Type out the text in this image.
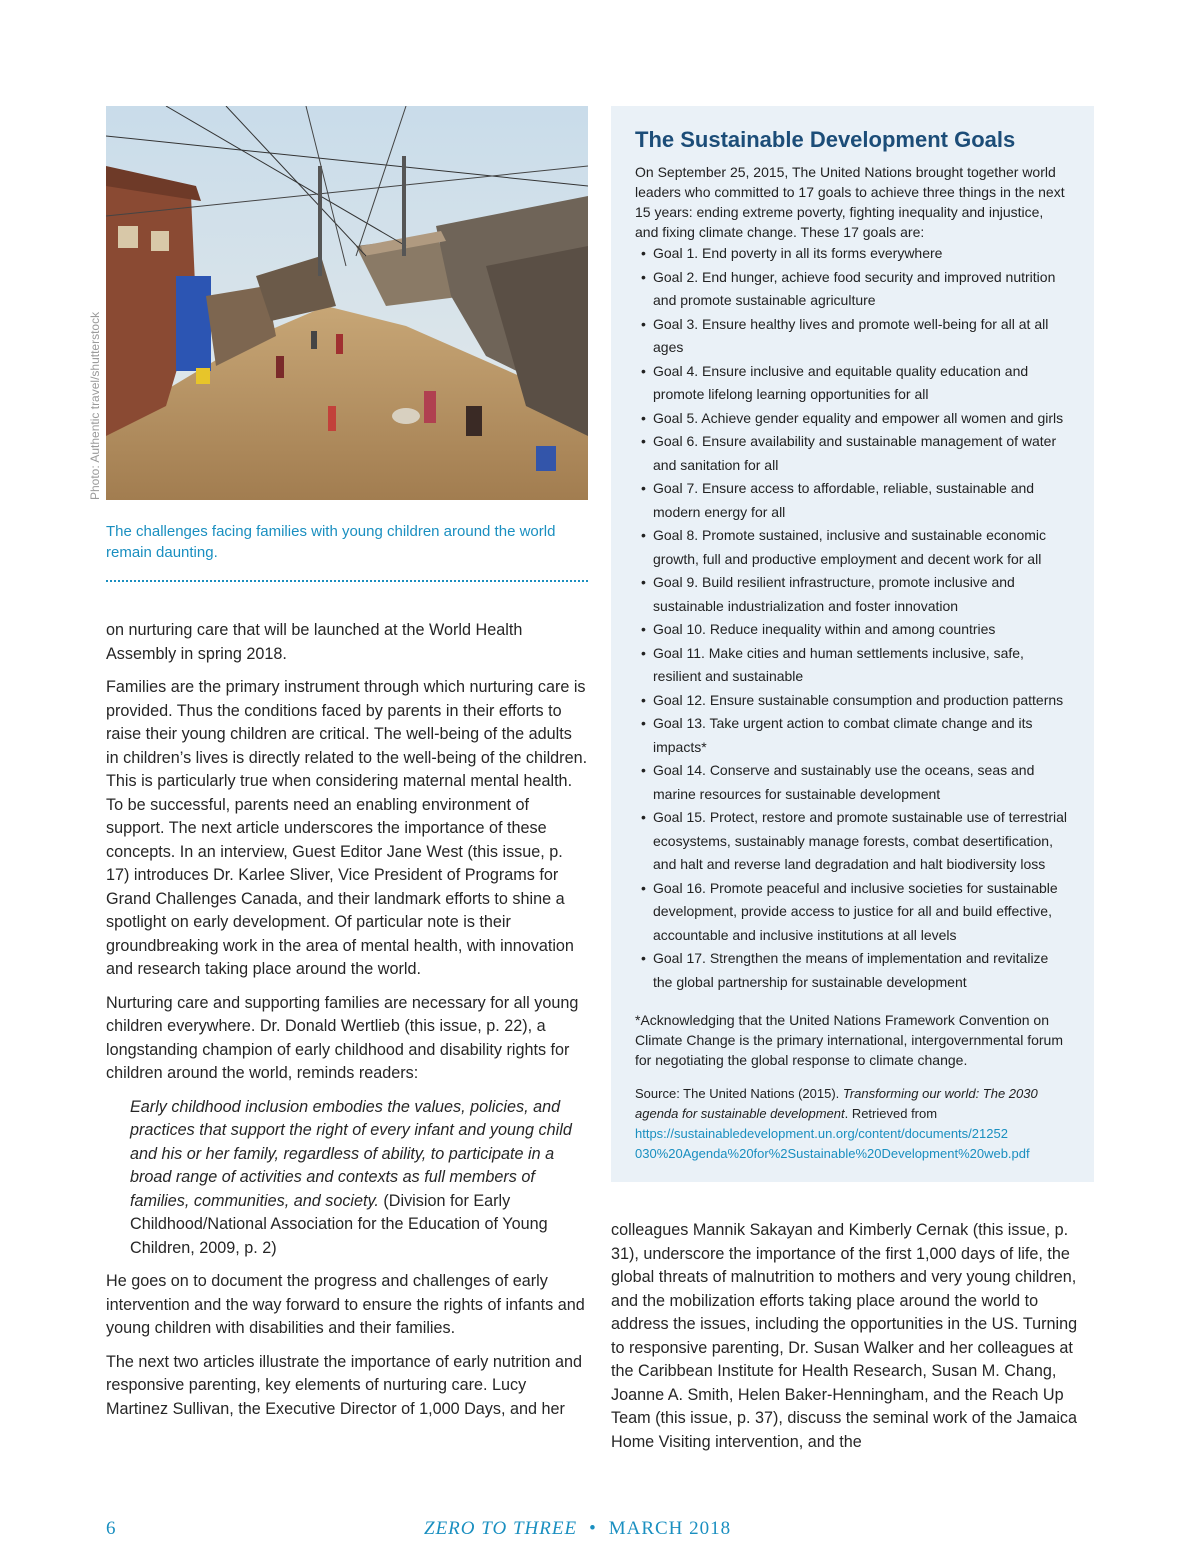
Photo: Authentic travel/shutterstock
The challenges facing families with young children around the world remain daunting.

on nurturing care that will be launched at the World Health Assembly in spring 2018.

Families are the primary instrument through which nurturing care is provided. Thus the conditions faced by parents in their efforts to raise their young children are critical. The well-being of the adults in children’s lives is directly related to the well-being of the children. This is particularly true when considering maternal mental health. To be successful, parents need an enabling environment of support. The next article underscores the importance of these concepts. In an interview, Guest Editor Jane West (this issue, p. 17) introduces Dr. Karlee Sliver, Vice President of Programs for Grand Challenges Canada, and their landmark efforts to shine a spotlight on early development. Of particular note is their groundbreaking work in the area of mental health, with innovation and research taking place around the world.

Nurturing care and supporting families are necessary for all young children everywhere. Dr. Donald Wertlieb (this issue, p. 22), a longstanding champion of early childhood and disability rights for children around the world, reminds readers:

Early childhood inclusion embodies the values, policies, and practices that support the right of every infant and young child and his or her family, regardless of ability, to participate in a broad range of activities and contexts as full members of families, communities, and society. (Division for Early Childhood/National Association for the Education of Young Children, 2009, p. 2)

He goes on to document the progress and challenges of early intervention and the way forward to ensure the rights of infants and young children with disabilities and their families.

The next two articles illustrate the importance of early nutrition and responsive parenting, key elements of nurturing care. Lucy Martinez Sullivan, the Executive Director of 1,000 Days, and her

The Sustainable Development Goals

On September 25, 2015, The United Nations brought together world leaders who committed to 17 goals to achieve three things in the next 15 years: ending extreme poverty, fighting inequality and injustice, and fixing climate change. These 17 goals are:

• Goal 1. End poverty in all its forms everywhere
• Goal 2. End hunger, achieve food security and improved nutrition and promote sustainable agriculture
• Goal 3. Ensure healthy lives and promote well-being for all at all ages
• Goal 4. Ensure inclusive and equitable quality education and promote lifelong learning opportunities for all
• Goal 5. Achieve gender equality and empower all women and girls
• Goal 6. Ensure availability and sustainable management of water and sanitation for all
• Goal 7. Ensure access to affordable, reliable, sustainable and modern energy for all
• Goal 8. Promote sustained, inclusive and sustainable economic growth, full and productive employment and decent work for all
• Goal 9. Build resilient infrastructure, promote inclusive and sustainable industrialization and foster innovation
• Goal 10. Reduce inequality within and among countries
• Goal 11. Make cities and human settlements inclusive, safe, resilient and sustainable
• Goal 12. Ensure sustainable consumption and production patterns
• Goal 13. Take urgent action to combat climate change and its impacts*
• Goal 14. Conserve and sustainably use the oceans, seas and marine resources for sustainable development
• Goal 15. Protect, restore and promote sustainable use of terrestrial ecosystems, sustainably manage forests, combat desertification, and halt and reverse land degradation and halt biodiversity loss
• Goal 16. Promote peaceful and inclusive societies for sustainable development, provide access to justice for all and build effective, accountable and inclusive institutions at all levels
• Goal 17. Strengthen the means of implementation and revitalize the global partnership for sustainable development

*Acknowledging that the United Nations Framework Convention on Climate Change is the primary international, intergovernmental forum for negotiating the global response to climate change.

Source: The United Nations (2015). Transforming our world: The 2030 agenda for sustainable development. Retrieved from https://sustainabledevelopment.un.org/content/documents/21252 030%20Agenda%20for%2Sustainable%20Development%20web.pdf

colleagues Mannik Sakayan and Kimberly Cernak (this issue, p. 31), underscore the importance of the first 1,000 days of life, the global threats of malnutrition to mothers and very young children, and the mobilization efforts taking place around the world to address the issues, including the opportunities in the US. Turning to responsive parenting, Dr. Susan Walker and her colleagues at the Caribbean Institute for Health Research, Susan M. Chang, Joanne A. Smith, Helen Baker-Henningham, and the Reach Up Team (this issue, p. 37), discuss the seminal work of the Jamaica Home Visiting intervention, and the

6	ZERO TO THREE • MARCH 2018
